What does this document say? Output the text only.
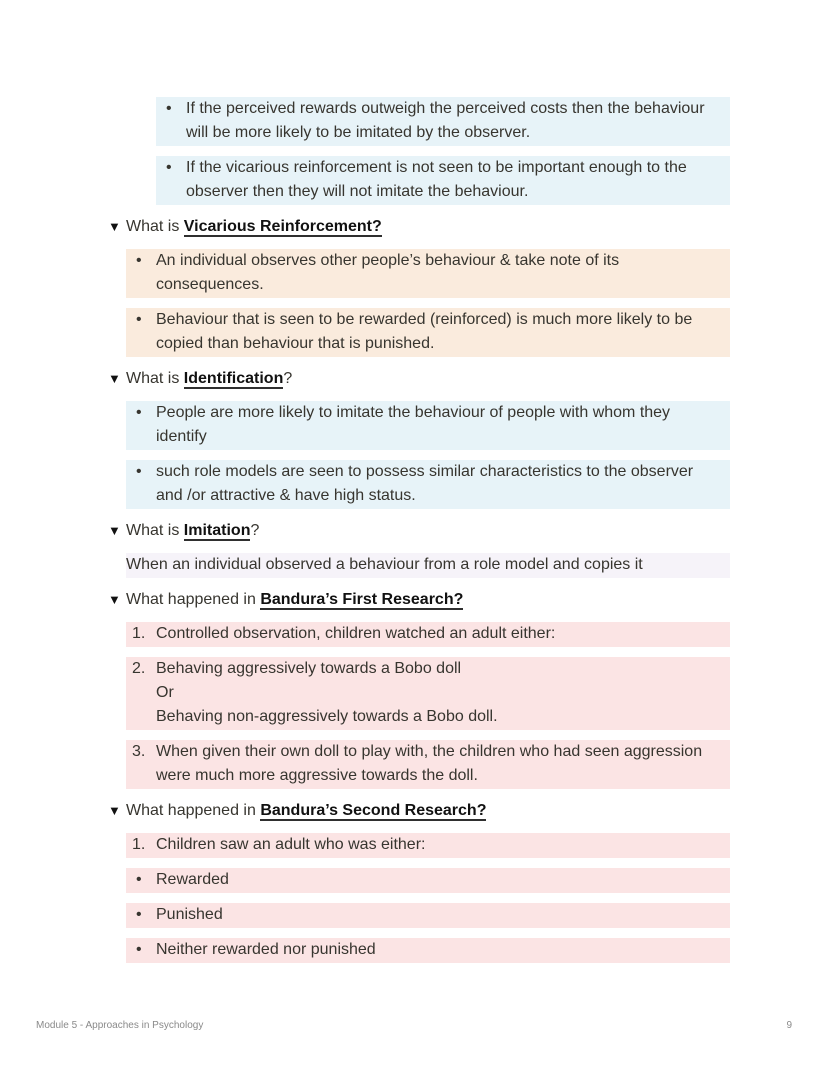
• If the perceived rewards outweigh the perceived costs then the behaviour will be more likely to be imitated by the observer.
• If the vicarious reinforcement is not seen to be important enough to the observer then they will not imitate the behaviour.
▼ What is Vicarious Reinforcement?
• An individual observes other people’s behaviour & take note of its consequences.
• Behaviour that is seen to be rewarded (reinforced) is much more likely to be copied than behaviour that is punished.
▼ What is Identification?
• People are more likely to imitate the behaviour of people with whom they identify
• such role models are seen to possess similar characteristics to the observer and /or attractive & have high status.
▼ What is Imitation?
When an individual observed a behaviour from a role model and copies it
▼ What happened in Bandura’s First Research?
1. Controlled observation, children watched an adult either:
2. Behaving aggressively towards a Bobo doll
Or
Behaving non-aggressively towards a Bobo doll.
3. When given their own doll to play with, the children who had seen aggression were much more aggressive towards the doll.
▼ What happened in Bandura’s Second Research?
1. Children saw an adult who was either:
• Rewarded
• Punished
• Neither rewarded nor punished
Module 5 - Approaches in Psychology	9
